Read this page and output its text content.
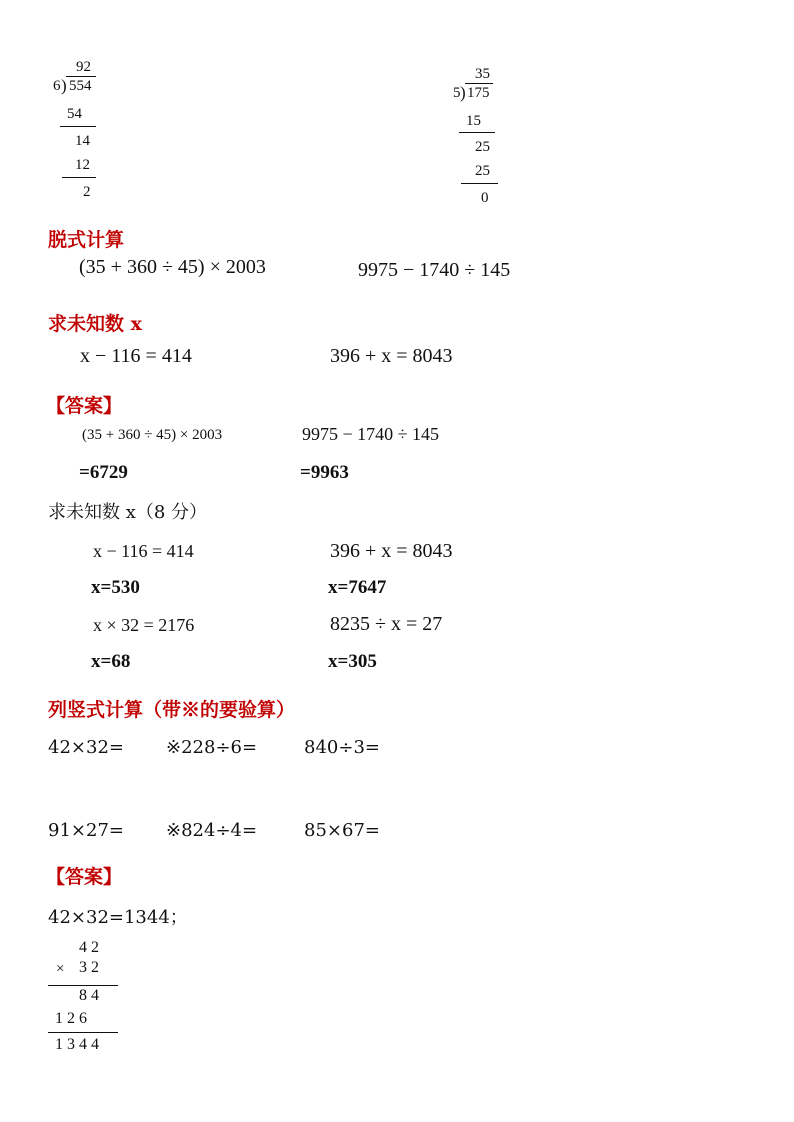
92
6 ) 554
54
14
12
2
35
5 ) 175
15
25
25
0
脱式计算
(35 + 360 ÷ 45) × 2003	9975 − 1740 ÷ 145
求未知数 x
x − 116 = 414	396 + x = 8043
【答案】
(35 + 360 ÷ 45) × 2003	9975 − 1740 ÷ 145
=6729	=9963
求未知数 x（8 分）
x − 116 = 414	396 + x = 8043
x=530	x=7647
x × 32 = 2176	8235 ÷ x = 27
x=68	x=305
列竖式计算（带※的要验算）
42×32= ※228÷6=	840÷3=
91×27= ※824÷4=	85×67=
【答案】
42×32=1344；
4 2
× 3 2
8 4
1 2 6
1 3 4 4
